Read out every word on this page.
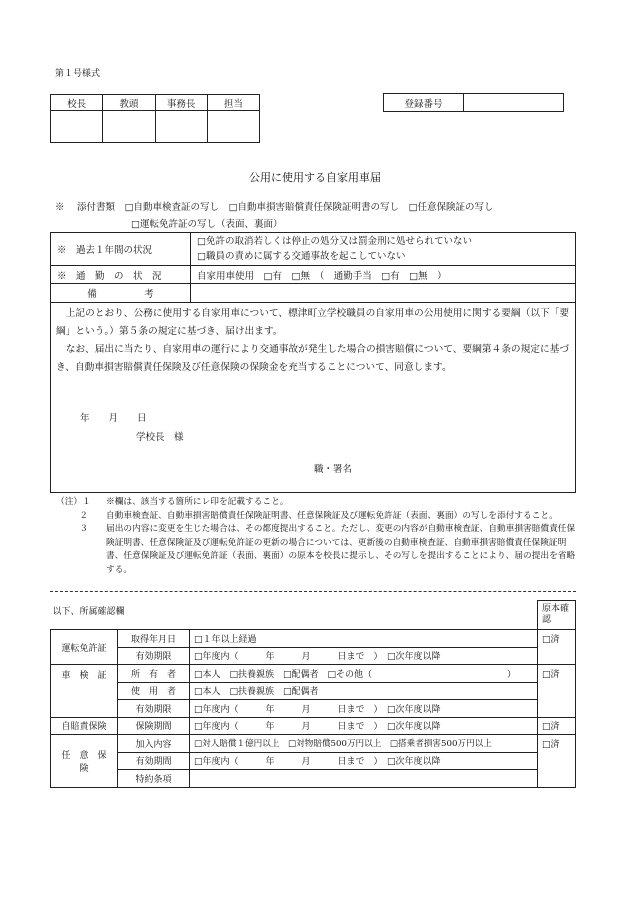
第１号様式
校長	教頭	事務長	担当
				登録番号	
公用に使用する自家用車届
※　 添付書類　 □自動車検査証の写し　 □自動車損害賠償責任保険証明書の写し　 □任意保険証の写し
□運転免許証の写し（表面、裏面）
※　過去１年間の状況	□免許の取消若しくは停止の処分又は罰金刑に処せられていない
□職員の責めに属する交通事故を起こしていない

※　通　勤　の　状　況	自家用車使用　□有　□無　（　通勤手当　□有　□無　）
備　　　　　考	
上記のとおり、公務に使用する自家用車について、標津町立学校職員の自家用車の公用使用に関する要綱（以下「要綱」という。）第５条の規定に基づき、届け出ます。
なお、届出に当たり、自家用車の運行により交通事故が発生した場合の損害賠償について、要綱第４条の規定に基づき、自動車損害賠償責任保険及び任意保険の保険金を充当することについて、同意します。
年　　月　　日
学校長　様
職・署名
（注）１	※欄は、該当する箇所にレ印を記載すること。
２	自動車検査証、自動車損害賠償責任保険証明書、任意保険証及び運転免許証（表面、裏面）の写しを添付すること。
３	届出の内容に変更を生じた場合は、その都度提出すること。ただし、変更の内容が自動車検査証、自動車損害賠償責任保険証明書、任意保険証及び運転免許証の更新の場合については、更新後の自動車検査証、自動車損害賠償責任保険証明書、任意保険証及び運転免許証（表面、裏面）の原本を校長に提示し、その写しを提出することにより、届の提出を省略する。
以下、所属確認欄			原本確認
運転免許証	取得年月日	□１年以上経過	□済
	有効期限	□年度内（　　　年　　　月　　　日まで　）　□次年度以降	
車　検　証	所　有　者	□本人　□扶養親族　□配偶者　□その他（　　　　　　　　　　　　　　　）	□済
	使　用　者	□本人　□扶養親族　□配偶者	
	有効期限	□年度内（　　　年　　　月　　　日まで　）　□次年度以降	
自賠責保険	保険期間	□年度内（　　　年　　　月　　　日まで　）　□次年度以降	□済
任　意　保　険	加入内容	□対人賠償１億円以上　□対物賠償500万円以上　□搭乗者損害500万円以上	□済
	有効期間	□年度内（　　　年　　　月　　　日まで　）　□次年度以降	
	特約条項		
